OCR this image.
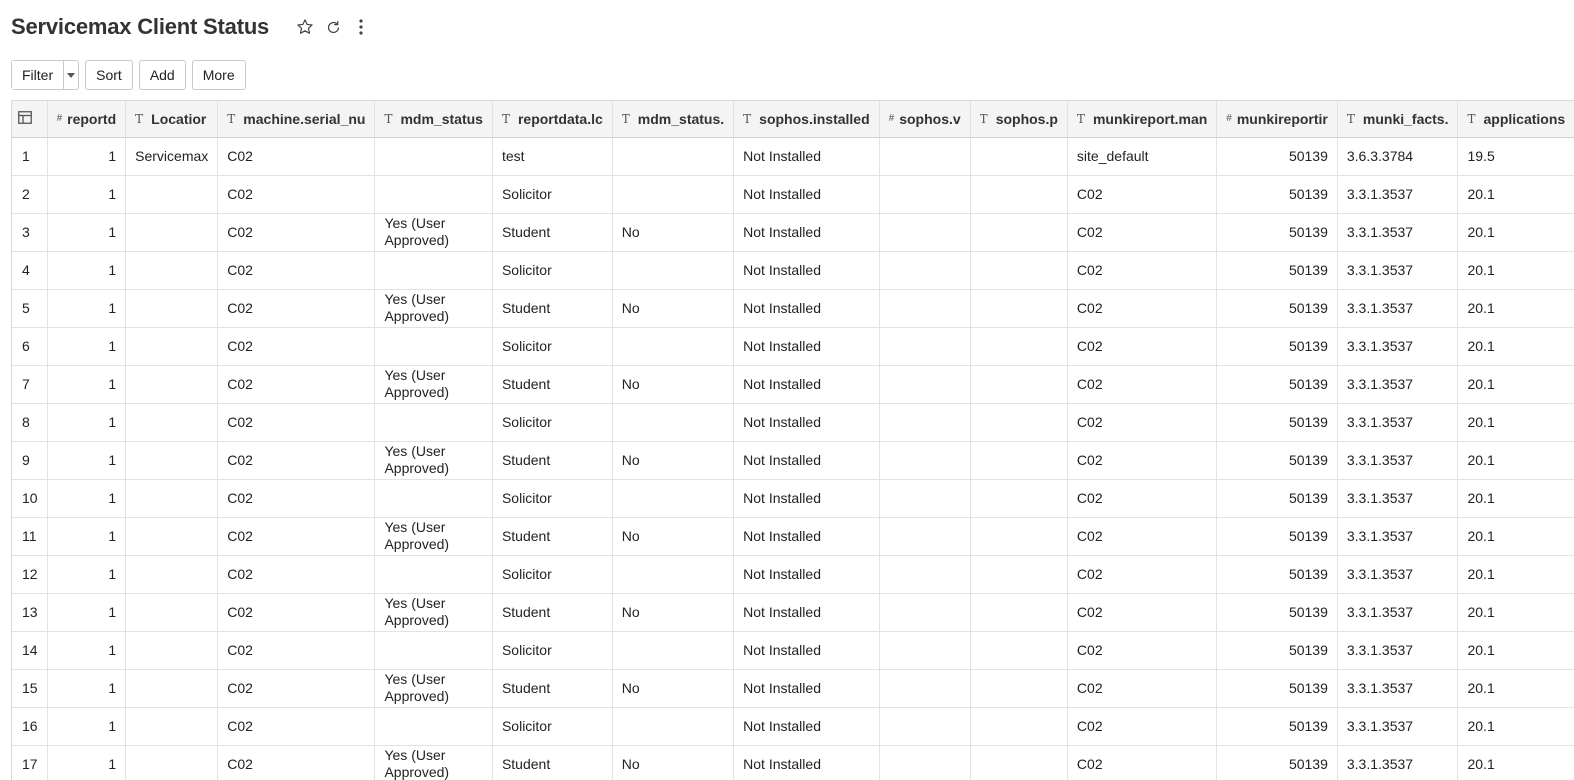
Servicemax Client Status
Filter	Sort	Add	More

# reportd	T Locatior	T machine.serial_nu	T mdm_status	T reportdata.lc	T mdm_status.	T sophos.installed	# sophos.v	T sophos.p	T munkireport.man	# munkireportir	T munki_facts.	T applications

1	1	Servicemax	C02		test		Not Installed			site_default	50139	3.6.3.3784	19.5
2	1		C02		Solicitor		Not Installed			C02	50139	3.3.1.3537	20.1
3	1		C02	Yes (User Approved)	Student	No	Not Installed			C02	50139	3.3.1.3537	20.1
4	1		C02		Solicitor		Not Installed			C02	50139	3.3.1.3537	20.1
5	1		C02	Yes (User Approved)	Student	No	Not Installed			C02	50139	3.3.1.3537	20.1
6	1		C02		Solicitor		Not Installed			C02	50139	3.3.1.3537	20.1
7	1		C02	Yes (User Approved)	Student	No	Not Installed			C02	50139	3.3.1.3537	20.1
8	1		C02		Solicitor		Not Installed			C02	50139	3.3.1.3537	20.1
9	1		C02	Yes (User Approved)	Student	No	Not Installed			C02	50139	3.3.1.3537	20.1
10	1		C02		Solicitor		Not Installed			C02	50139	3.3.1.3537	20.1
11	1		C02	Yes (User Approved)	Student	No	Not Installed			C02	50139	3.3.1.3537	20.1
12	1		C02		Solicitor		Not Installed			C02	50139	3.3.1.3537	20.1
13	1		C02	Yes (User Approved)	Student	No	Not Installed			C02	50139	3.3.1.3537	20.1
14	1		C02		Solicitor		Not Installed			C02	50139	3.3.1.3537	20.1
15	1		C02	Yes (User Approved)	Student	No	Not Installed			C02	50139	3.3.1.3537	20.1
16	1		C02		Solicitor		Not Installed			C02	50139	3.3.1.3537	20.1
17	1		C02	Yes (User Approved)	Student	No	Not Installed			C02	50139	3.3.1.3537	20.1
